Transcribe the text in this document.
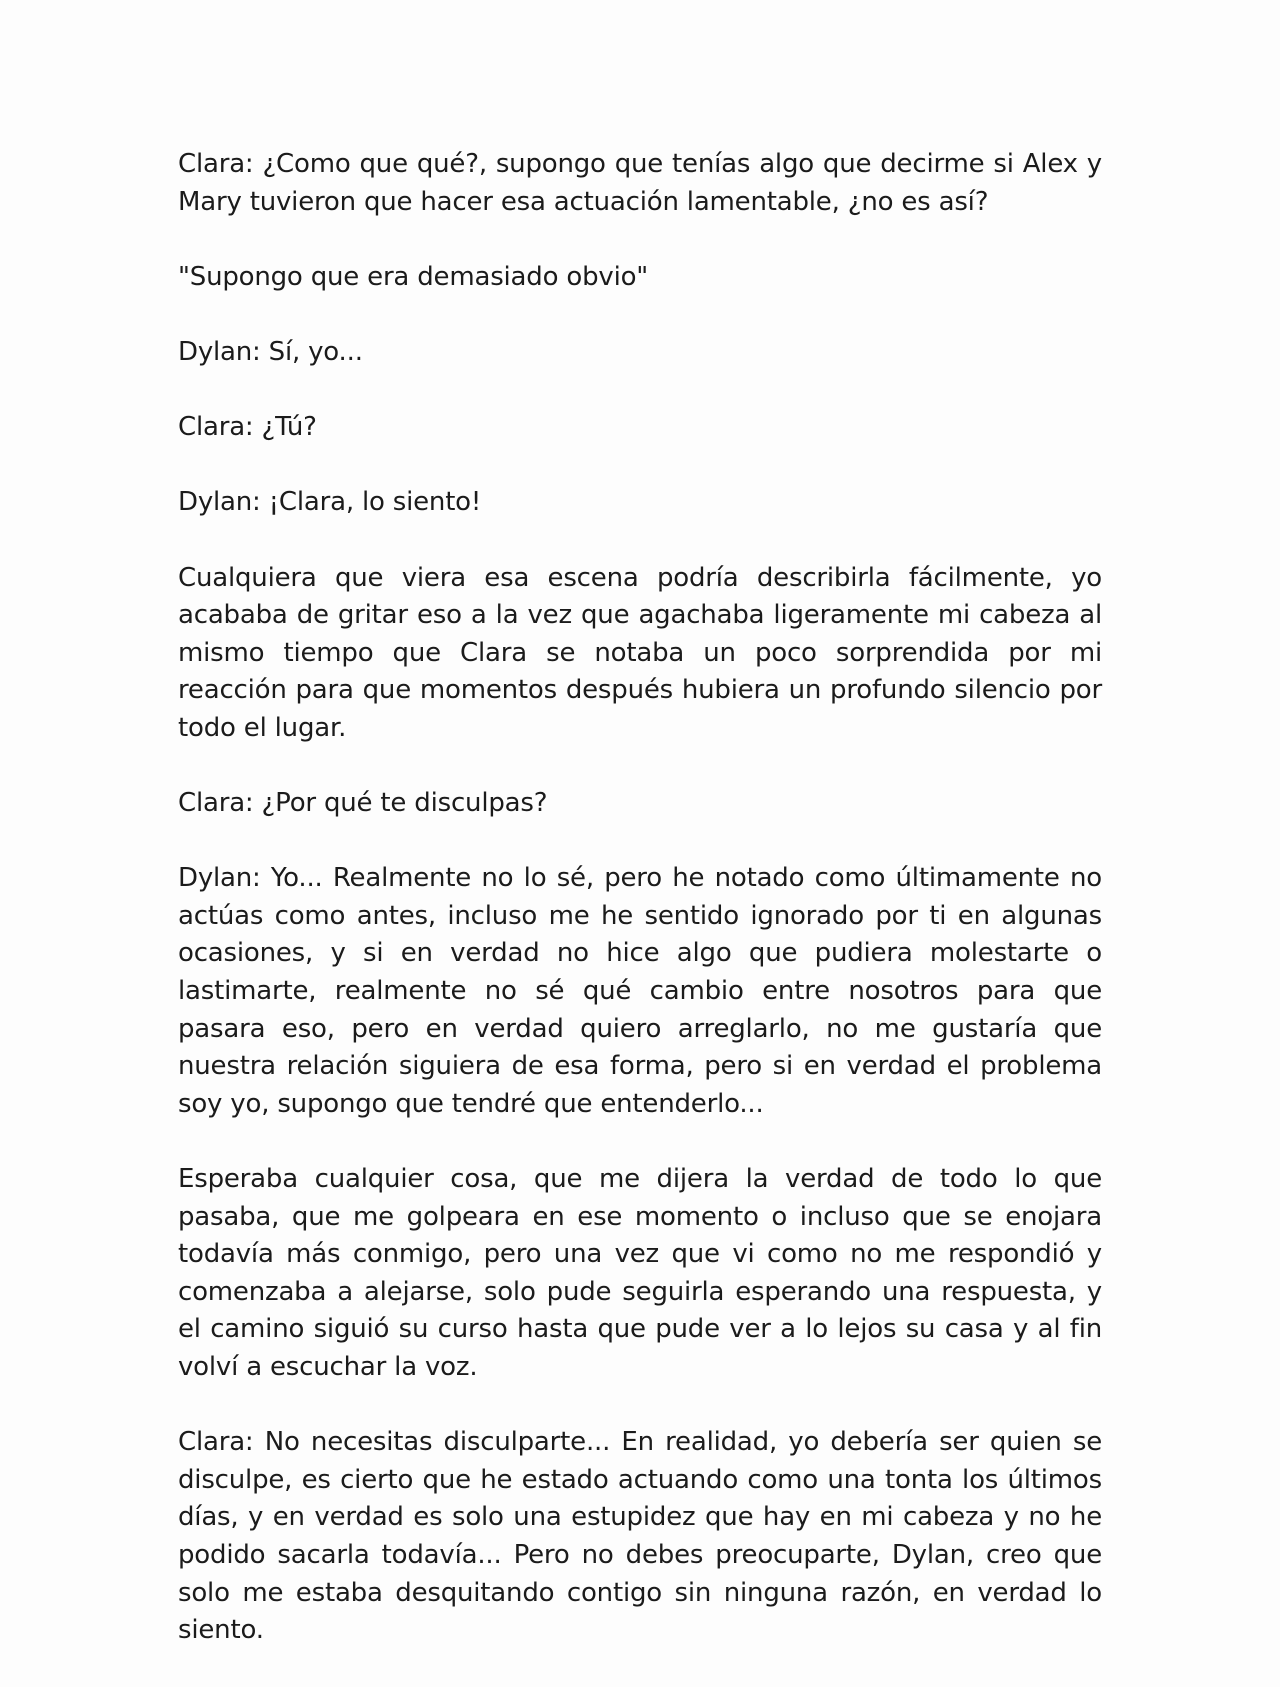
Clara: ¿Como que qué?, supongo que tenías algo que decirme si Alex y Mary tuvieron que hacer esa actuación lamentable, ¿no es así?

"Supongo que era demasiado obvio"

Dylan: Sí, yo...

Clara: ¿Tú?

Dylan: ¡Clara, lo siento!

Cualquiera que viera esa escena podría describirla fácilmente, yo acababa de gritar eso a la vez que agachaba ligeramente mi cabeza al mismo tiempo que Clara se notaba un poco sorprendida por mi reacción para que momentos después hubiera un profundo silencio por todo el lugar.

Clara: ¿Por qué te disculpas?

Dylan: Yo... Realmente no lo sé, pero he notado como últimamente no actúas como antes, incluso me he sentido ignorado por ti en algunas ocasiones, y si en verdad no hice algo que pudiera molestarte o lastimarte, realmente no sé qué cambio entre nosotros para que pasara eso, pero en verdad quiero arreglarlo, no me gustaría que nuestra relación siguiera de esa forma, pero si en verdad el problema soy yo, supongo que tendré que entenderlo...

Esperaba cualquier cosa, que me dijera la verdad de todo lo que pasaba, que me golpeara en ese momento o incluso que se enojara todavía más conmigo, pero una vez que vi como no me respondió y comenzaba a alejarse, solo pude seguirla esperando una respuesta, y el camino siguió su curso hasta que pude ver a lo lejos su casa y al fin volví a escuchar la voz.

Clara: No necesitas disculparte... En realidad, yo debería ser quien se disculpe, es cierto que he estado actuando como una tonta los últimos días, y en verdad es solo una estupidez que hay en mi cabeza y no he podido sacarla todavía... Pero no debes preocuparte, Dylan, creo que solo me estaba desquitando contigo sin ninguna razón, en verdad lo siento.
